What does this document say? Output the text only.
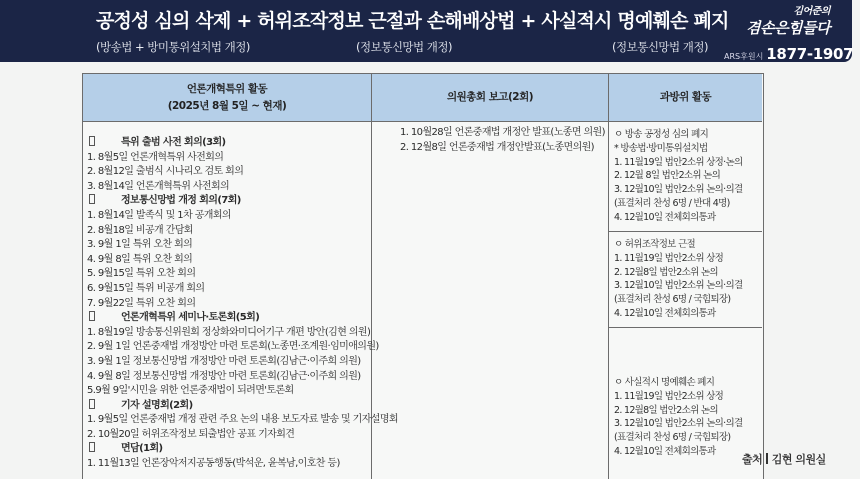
공정성 심의 삭제 + 허위조작정보 근절과 손해배상법 + 사실적시 명예훼손 폐지
(방송법 + 방미통위설치법 개정)	(정보통신망법 개정)	(정보통신망법 개정)
김어준의
겸손은힘들다
ARS후원시 1877-1907
언론개혁특위 활동
(2025년 8월 5일 ~ 현재)
특위 출범 사전 회의(3회)
1. 8월5일 언론개혁특위 사전회의
2. 8월12일 출범식 시나리오 검토 회의
3. 8월14일 언론개혁특위 사전회의
정보통신망법 개정 회의(7회)
1. 8월14일 발족식 및 1차 공개회의
2. 8월18일 비공개 간담회
3. 9월 1일 특위 오찬 회의
4. 9월 8일 특위 오찬 회의
5. 9월15일 특위 오찬 회의
6. 9월15일 특위 비공개 회의
7. 9월22일 특위 오찬 회의
언론개혁특위 세미나·토론회(5회)
1. 8월19일 방송통신위원회 정상화와미디어기구 개편 방안(김현 의원)
2. 9월 1일 언론중재법 개정방안 마련 토론회(노종면·조계원·임미애의원)
3. 9월 1일 정보통신망법 개정방안 마련 토론회(김남근·이주희 의원)
4. 9월 8일 정보통신망법 개정방안 마련 토론회(김남근·이주희 의원)
5.9월 9일'시민을 위한 언론중재법이 되려면'토론회
기자 설명회(2회)
1. 9월5일 언론중재법 개정 관련 주요 논의 내용 보도자료 발송 및 기자설명회
2. 10월20일 허위조작정보 퇴출법안 공표 기자회견
면담(1회)
1. 11월13일 언론장악저지공동행동(박석운, 윤복남,이호찬 등)
의원총회 보고(2회)
1. 10월28일 언론중재법 개정안 발표(노종면 의원)
2. 12월8일 언론중재법 개정안발표(노종면의원)
과방위 활동
ㅇ 방송 공정성 심의 폐지
* 방송법·방미통위설치법
1. 11월19일 법안2소위 상정·논의
2. 12월 8일 법안2소위 논의
3. 12월10일 법안2소위 논의·의결
(표결처리 찬성 6명 / 반대 4명)
4. 12월10일 전체회의통과
ㅇ 허위조작정보 근절
1. 11월19일 법안2소위 상정
2. 12월8일 법안2소위 논의
3. 12월10일 법안2소위 논의·의결
(표결처리 찬성 6명 / 국힘퇴장)
4. 12월10일 전체회의통과
ㅇ 사실적시 명예훼손 폐지
1. 11월19일 법안2소위 상정
2. 12월8일 법안2소위 논의
3. 12월10일 법안2소위 논의·의결
(표결처리 찬성 6명 / 국힘퇴장)
4. 12월10일 전체회의통과
출처 김현 의원실
